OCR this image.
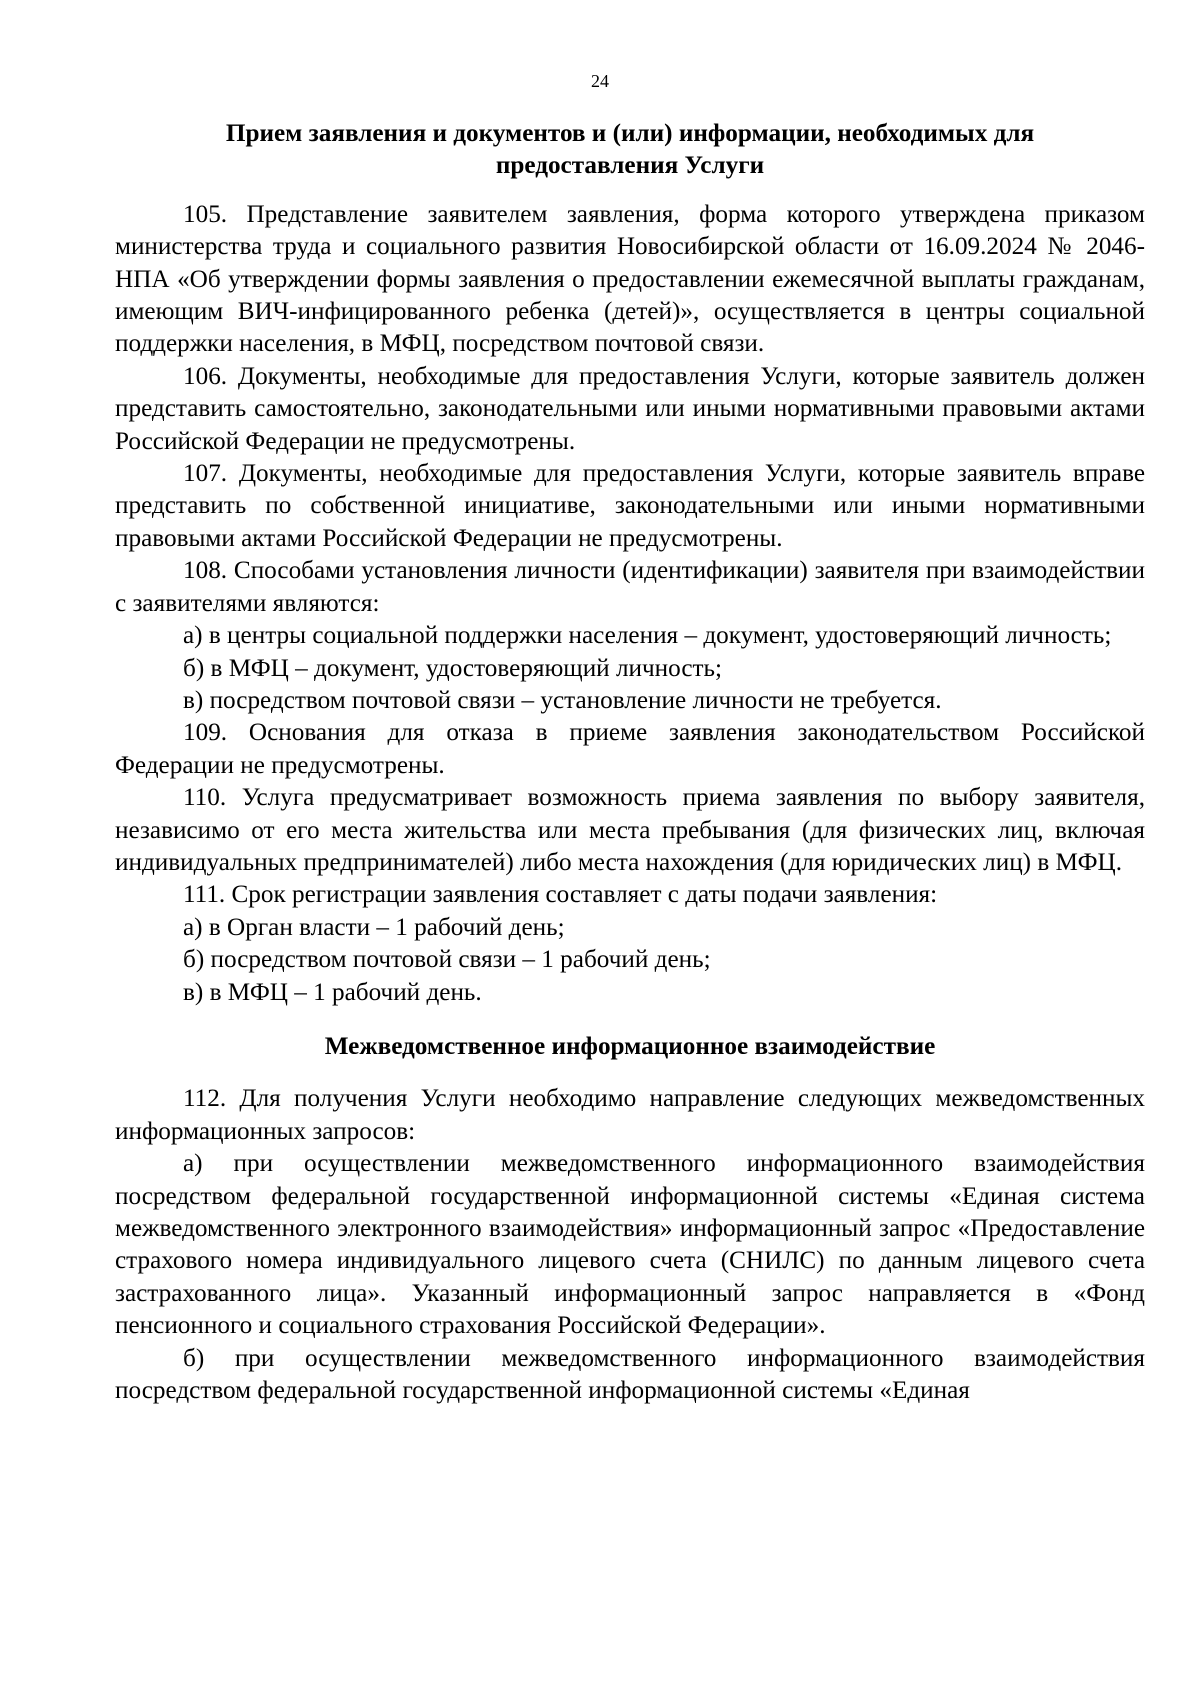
24
Прием заявления и документов и (или) информации, необходимых для
предоставления Услуги

105. Представление заявителем заявления, форма которого утверждена приказом министерства труда и социального развития Новосибирской области от 16.09.2024 № 2046-НПА «Об утверждении формы заявления о предоставлении ежемесячной выплаты гражданам, имеющим ВИЧ-инфицированного ребенка (детей)», осуществляется в центры социальной поддержки населения, в МФЦ, посредством почтовой связи.

106. Документы, необходимые для предоставления Услуги, которые заявитель должен представить самостоятельно, законодательными или иными нормативными правовыми актами Российской Федерации не предусмотрены.

107. Документы, необходимые для предоставления Услуги, которые заявитель вправе представить по собственной инициативе, законодательными или иными нормативными правовыми актами Российской Федерации не предусмотрены.

108. Способами установления личности (идентификации) заявителя при взаимодействии с заявителями являются:

а) в центры социальной поддержки населения – документ, удостоверяющий личность;

б) в МФЦ – документ, удостоверяющий личность;

в) посредством почтовой связи – установление личности не требуется.

109. Основания для отказа в приеме заявления законодательством Российской Федерации не предусмотрены.

110. Услуга предусматривает возможность приема заявления по выбору заявителя, независимо от его места жительства или места пребывания (для физических лиц, включая индивидуальных предпринимателей) либо места нахождения (для юридических лиц) в МФЦ.

111. Срок регистрации заявления составляет с даты подачи заявления:

а) в Орган власти – 1 рабочий день;

б) посредством почтовой связи – 1 рабочий день;

в) в МФЦ – 1 рабочий день.

Межведомственное информационное взаимодействие

112. Для получения Услуги необходимо направление следующих межведомственных информационных запросов:

а) при осуществлении межведомственного информационного взаимодействия посредством федеральной государственной информационной системы «Единая система межведомственного электронного взаимодействия» информационный запрос «Предоставление страхового номера индивидуального лицевого счета (СНИЛС) по данным лицевого счета застрахованного лица». Указанный информационный запрос направляется в «Фонд пенсионного и социального страхования Российской Федерации».

б) при осуществлении межведомственного информационного взаимодействия посредством федеральной государственной информационной системы «Единая
